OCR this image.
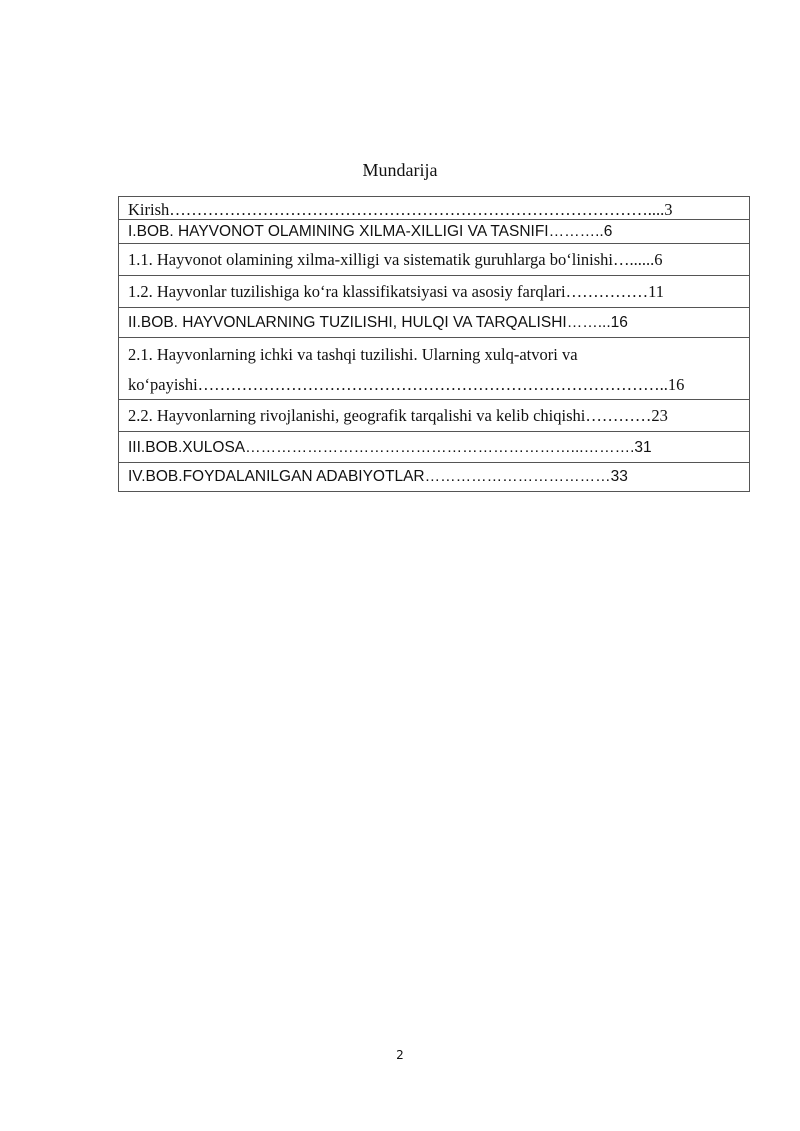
Mundarija
Kirish……………………………………………………………………………....3
I.BOB. HAYVONOT OLAMINING XILMA-XILLIGI VA TASNIFI………..6
1.1. Hayvonot olamining xilma-xilligi va sistematik guruhlarga bo‘linishi…......6
1.2. Hayvonlar tuzilishiga ko‘ra klassifikatsiyasi va asosiy farqlari……………11
II.BOB. HAYVONLARNING TUZILISHI, HULQI VA TARQALISHI……...16
2.1. Hayvonlarning ichki va tashqi tuzilishi. Ularning xulq-atvori va
ko‘payishi…………………………………………………………………………..16
2.2. Hayvonlarning rivojlanishi, geografik tarqalishi va kelib chiqishi…………23
III.BOB.XULOSA………………………………………………………...……….31
IV.BOB.FOYDALANILGAN ADABIYOTLAR………………………………33
2
